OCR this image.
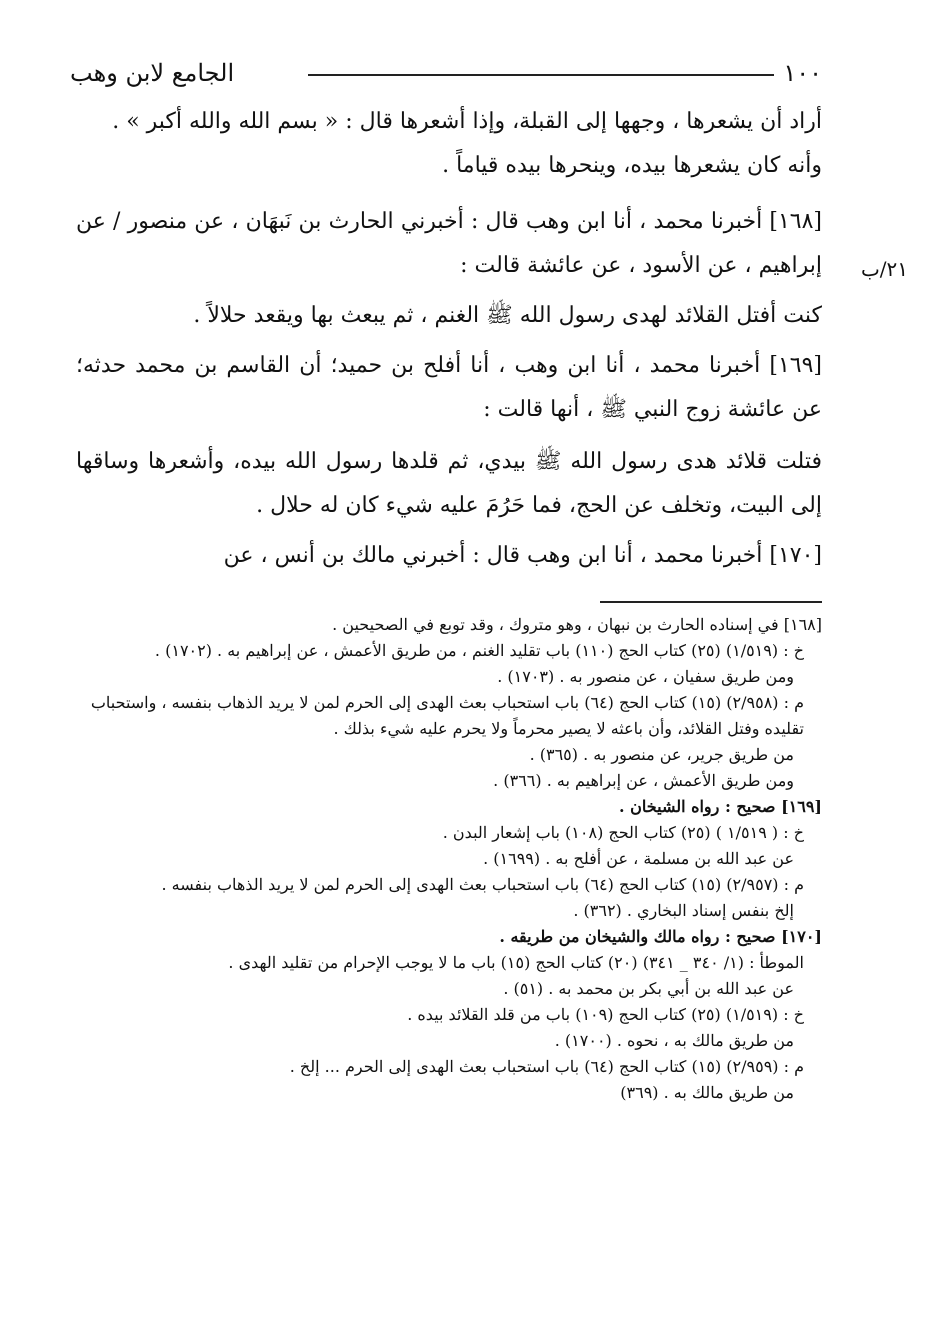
١٠٠
الجامع لابن وهب
٢١/ب

أراد أن يشعرها ، وجهها إلى القبلة، وإذا أشعرها قال : « بسم الله والله أكبر » .

وأنه كان يشعرها بيده، وينحرها بيده قياماً .

[١٦٨] أخبرنا محمد ، أنا ابن وهب قال : أخبرني الحارث بن نَبهَان ، عن منصور / عن إبراهيم ، عن الأسود ، عن عائشة قالت :

كنت أفتل القلائد لهدى رسول الله ﷺ الغنم ، ثم يبعث بها ويقعد حلالاً .

[١٦٩] أخبرنا محمد ، أنا ابن وهب ، أنا أفلح بن حميد؛ أن القاسم بن محمد حدثه؛ عن عائشة زوج النبي ﷺ ، أنها قالت :

فتلت قلائد هدى رسول الله ﷺ بيدي، ثم قلدها رسول الله بيده، وأشعرها وساقها إلى البيت، وتخلف عن الحج، فما حَرُمَ عليه شيء كان له حلال .

[١٧٠] أخبرنا محمد ، أنا ابن وهب قال : أخبرني مالك بن أنس ، عن

[١٦٨] في إسناده الحارث بن نبهان ، وهو متروك ، وقد توبع في الصحيحين .

خ : (١/٥١٩) (٢٥) كتاب الحج (١١٠) باب تقليد الغنم ، من طريق الأعمش ، عن إبراهيم به . (١٧٠٢) .

ومن طريق سفيان ، عن منصور به . (١٧٠٣) .

م : (٢/٩٥٨) (١٥) كتاب الحج (٦٤) باب استحباب بعث الهدى إلى الحرم لمن لا يريد الذهاب بنفسه ، واستحباب تقليده وفتل القلائد، وأن باعثه لا يصير محرماً ولا يحرم عليه شيء بذلك .

من طريق جرير، عن منصور به . (٣٦٥) .

ومن طريق الأعمش ، عن إبراهيم به . (٣٦٦) .

[١٦٩] صحيح : رواه الشيخان .

خ : ( ١/٥١٩ ) (٢٥) كتاب الحج (١٠٨) باب إشعار البدن .

عن عبد الله بن مسلمة ، عن أفلح به . (١٦٩٩) .

م : (٢/٩٥٧) (١٥) كتاب الحج (٦٤) باب استحباب بعث الهدى إلى الحرم لمن لا يريد الذهاب بنفسه .

إلخ بنفس إسناد البخاري . (٣٦٢) .

[١٧٠] صحيح : رواه مالك والشيخان من طريقه .

الموطأ : (١/ ٣٤٠ _ ٣٤١) (٢٠) كتاب الحج (١٥) باب ما لا يوجب الإحرام من تقليد الهدى .

عن عبد الله بن أبي بكر بن محمد به . (٥١) .

خ : (١/٥١٩) (٢٥) كتاب الحج (١٠٩) باب من قلد القلائد بيده .

من طريق مالك به ، نحوه . (١٧٠٠) .

م : (٢/٩٥٩) (١٥) كتاب الحج (٦٤) باب استحباب بعث الهدى إلى الحرم ... إلخ .

من طريق مالك به . (٣٦٩)
